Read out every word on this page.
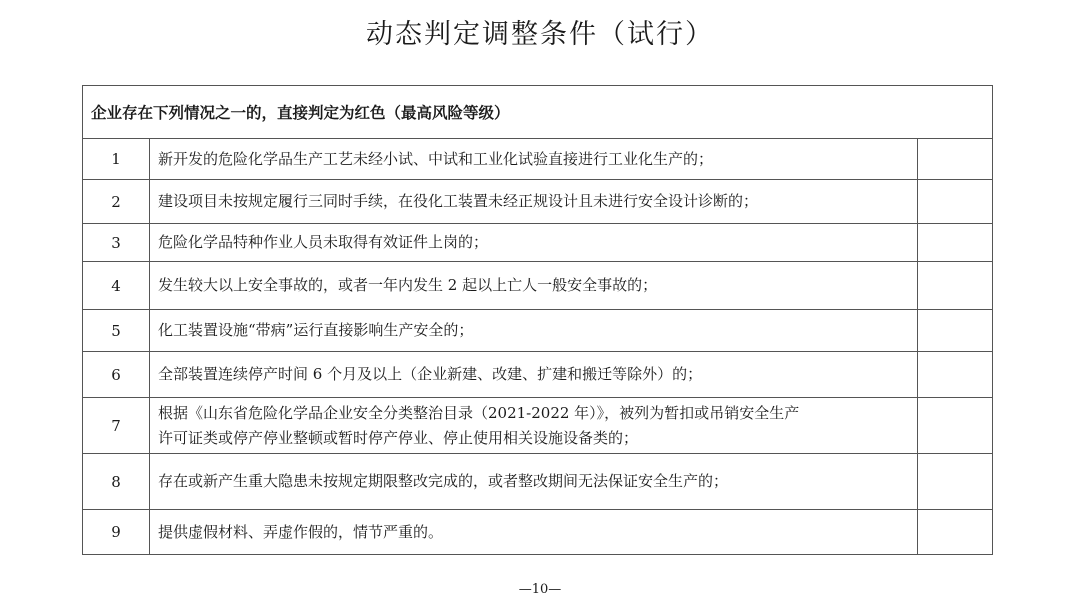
动态判定调整条件（试行）
企业存在下列情况之一的，直接判定为红色（最高风险等级）		
1	新开发的危险化学品生产工艺未经小试、中试和工业化试验直接进行工业化生产的；	
2	建设项目未按规定履行三同时手续，在役化工装置未经正规设计且未进行安全设计诊断的；	
3	危险化学品特种作业人员未取得有效证件上岗的；	
4	发生较大以上安全事故的，或者一年内发生 2 起以上亡人一般安全事故的；	
5	化工装置设施“带病”运行直接影响生产安全的；	
6	全部装置连续停产时间 6 个月及以上（企业新建、改建、扩建和搬迁等除外）的；	
7	根据《山东省危险化学品企业安全分类整治目录（2021-2022 年）》，被列为暂扣或吊销安全生产
许可证类或停产停业整顿或暂时停产停业、停止使用相关设施设备类的；	

8	存在或新产生重大隐患未按规定期限整改完成的，或者整改期间无法保证安全生产的；	
9	提供虚假材料、弄虚作假的，情节严重的。	
—10—
